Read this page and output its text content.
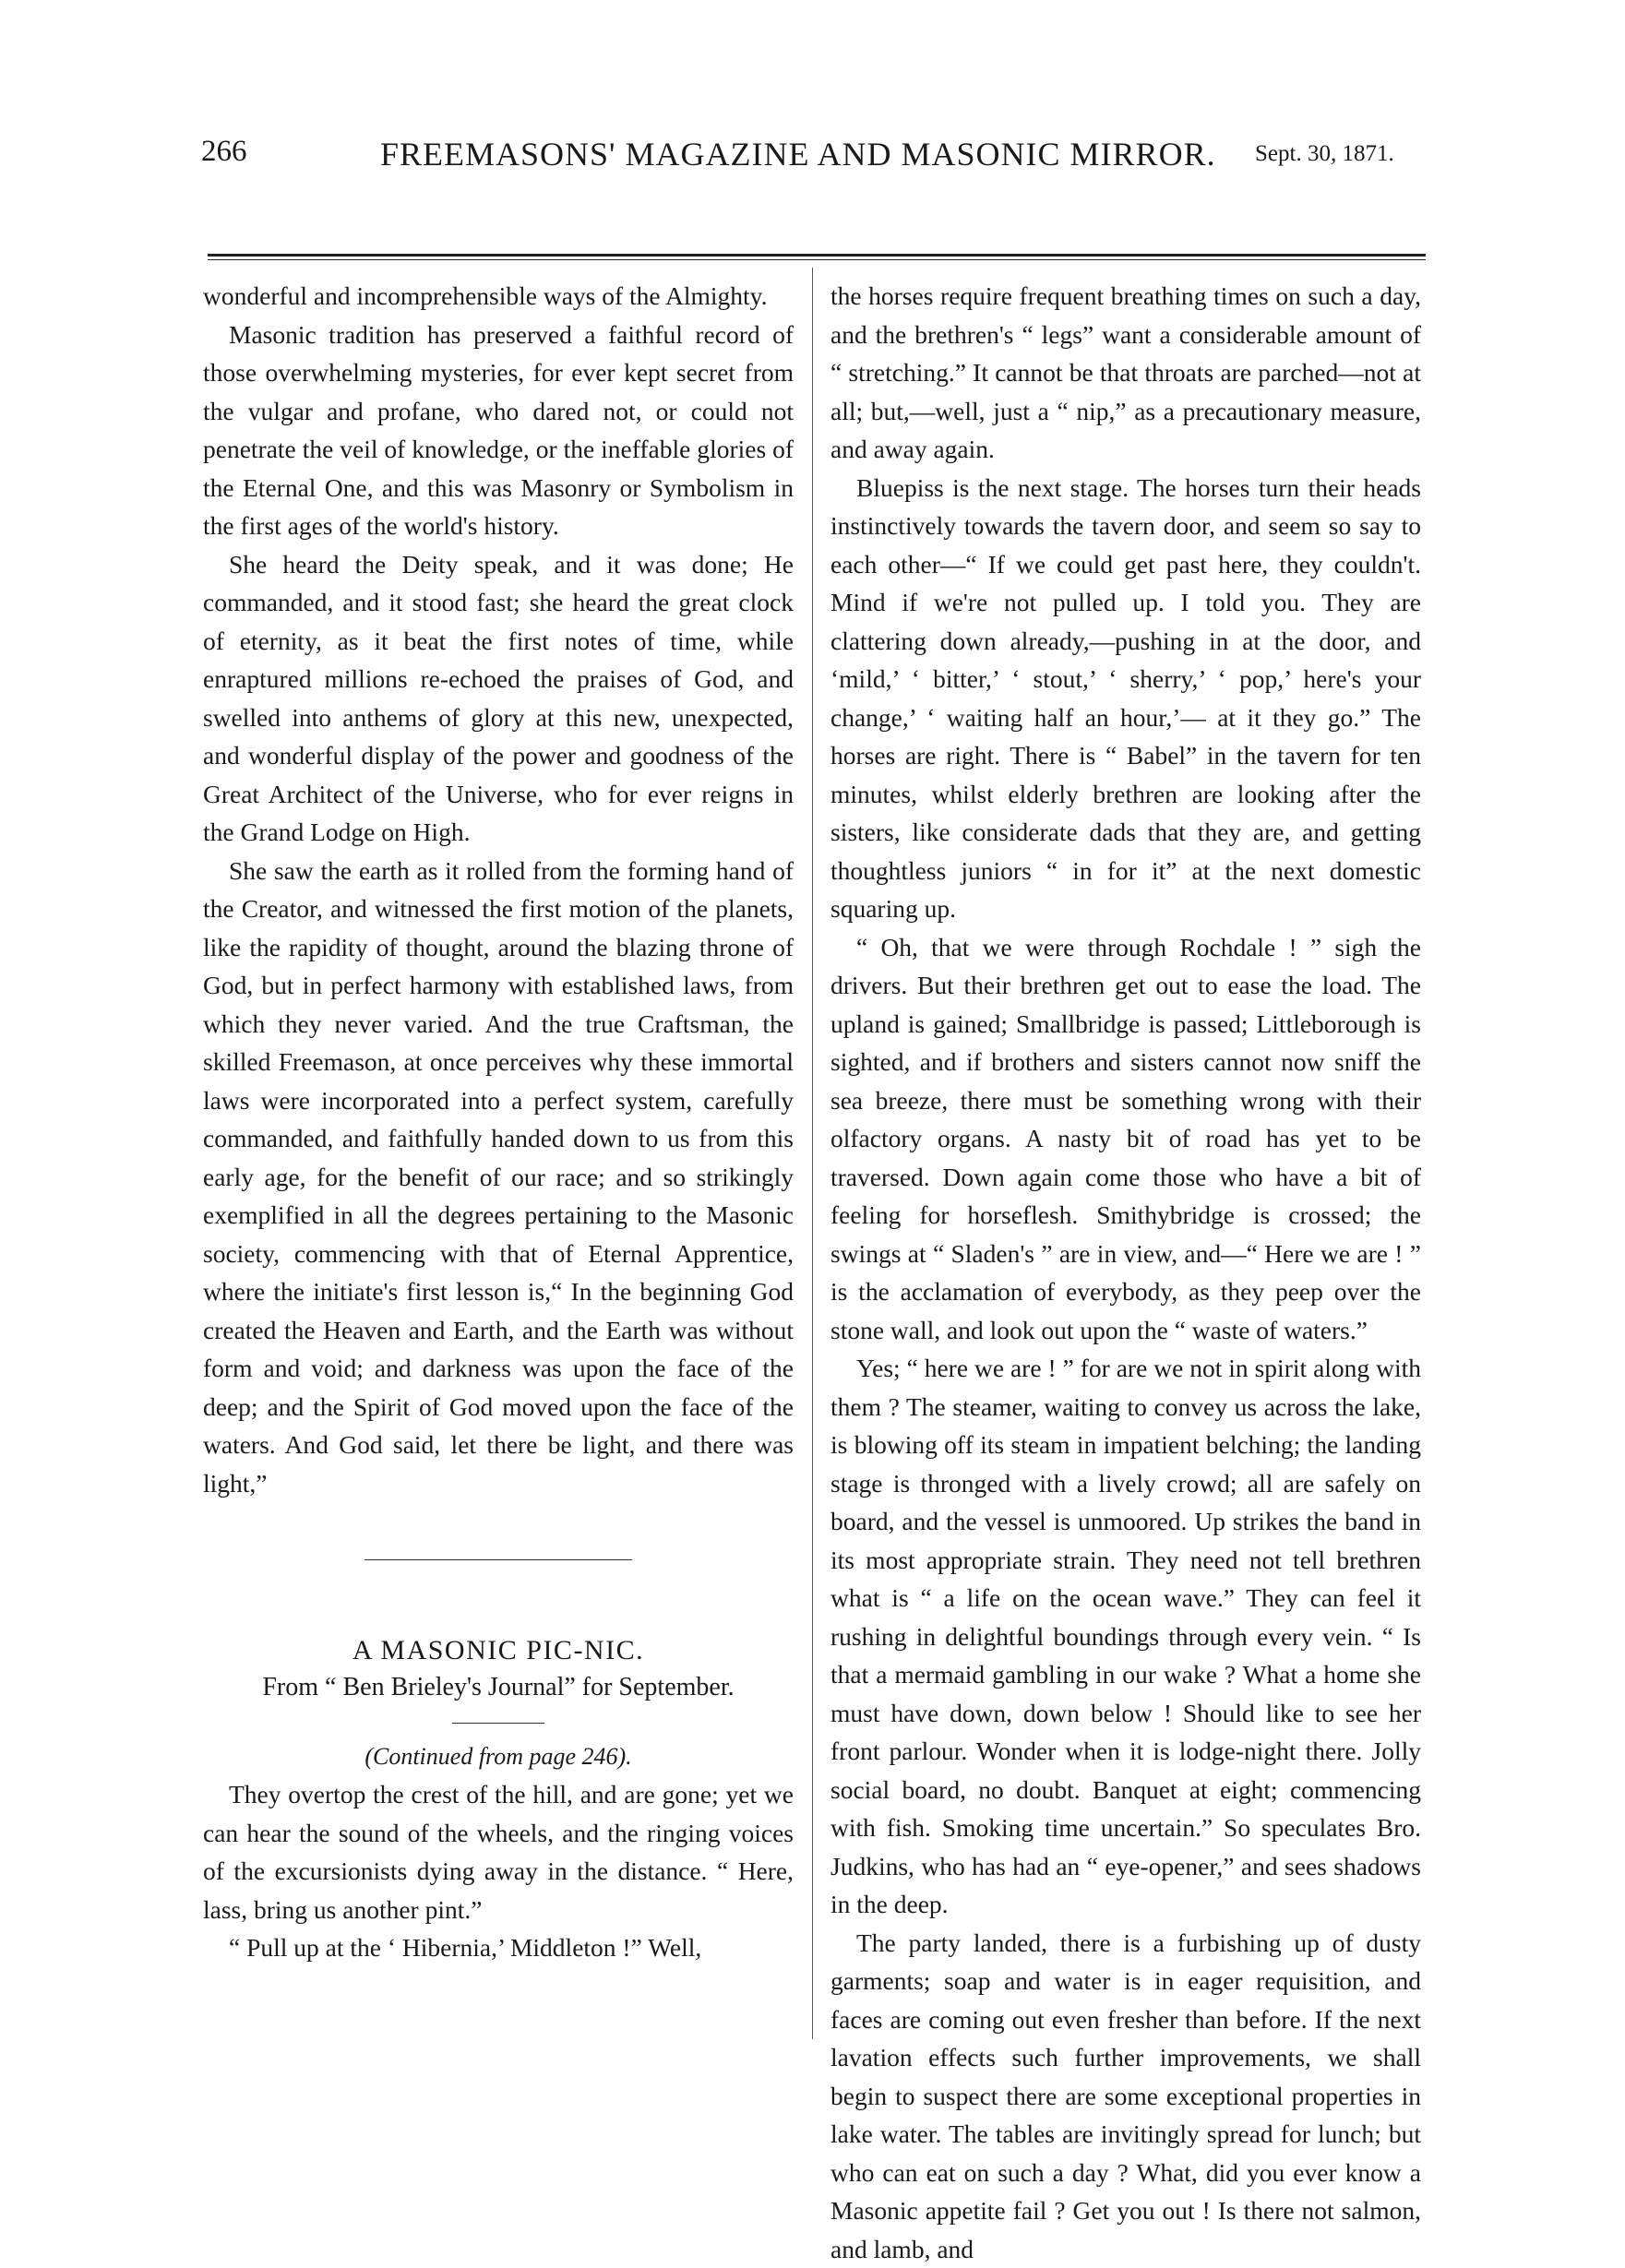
266	FREEMASONS' MAGAZINE AND MASONIC MIRROR. Sept. 30, 1871.

wonderful and incomprehensible ways of the Almighty.

Masonic tradition has preserved a faithful record of those overwhelming mysteries, for ever kept secret from the vulgar and profane, who dared not, or could not penetrate the veil of knowledge, or the ineffable glories of the Eternal One, and this was Masonry or Symbolism in the first ages of the world's history.

She heard the Deity speak, and it was done; He commanded, and it stood fast; she heard the great clock of eternity, as it beat the first notes of time, while enraptured millions re-echoed the praises of God, and swelled into anthems of glory at this new, unexpected, and wonderful display of the power and goodness of the Great Architect of the Universe, who for ever reigns in the Grand Lodge on High.

She saw the earth as it rolled from the forming hand of the Creator, and witnessed the first motion of the planets, like the rapidity of thought, around the blazing throne of God, but in perfect harmony with established laws, from which they never varied. And the true Craftsman, the skilled Freemason, at once perceives why these immortal laws were incorporated into a perfect system, carefully commanded, and faithfully handed down to us from this early age, for the benefit of our race; and so strikingly exemplified in all the degrees pertaining to the Masonic society, commencing with that of Eternal Apprentice, where the initiate's first lesson is,“ In the beginning God created the Heaven and Earth, and the Earth was without form and void; and darkness was upon the face of the deep; and the Spirit of God moved upon the face of the waters. And God said, let there be light, and there was light,”

A MASONIC PIC-NIC.
From “ Ben Brieley's Journal” for September.
(Continued from page 246).

They overtop the crest of the hill, and are gone; yet we can hear the sound of the wheels, and the ringing voices of the excursionists dying away in the distance. “ Here, lass, bring us another pint.”

“ Pull up at the ‘ Hibernia,’ Middleton !” Well,

the horses require frequent breathing times on such a day, and the brethren's “ legs” want a considerable amount of “ stretching.” It cannot be that throats are parched—not at all; but,—well, just a “ nip,” as a precautionary measure, and away again.

Bluepiss is the next stage. The horses turn their heads instinctively towards the tavern door, and seem so say to each other—“ If we could get past here, they couldn't. Mind if we're not pulled up. I told you. They are clattering down already,—pushing in at the door, and ‘mild,’ ‘ bitter,’ ‘ stout,’ ‘ sherry,’ ‘ pop,’ here's your change,’ ‘ waiting half an hour,’— at it they go.” The horses are right. There is “ Babel” in the tavern for ten minutes, whilst elderly brethren are looking after the sisters, like considerate dads that they are, and getting thoughtless juniors “ in for it” at the next domestic squaring up.

“ Oh, that we were through Rochdale ! ” sigh the drivers. But their brethren get out to ease the load. The upland is gained; Smallbridge is passed; Littleborough is sighted, and if brothers and sisters cannot now sniff the sea breeze, there must be something wrong with their olfactory organs. A nasty bit of road has yet to be traversed. Down again come those who have a bit of feeling for horseflesh. Smithybridge is crossed; the swings at “ Sladen's ” are in view, and—“ Here we are ! ” is the acclamation of everybody, as they peep over the stone wall, and look out upon the “ waste of waters.”

Yes; “ here we are ! ” for are we not in spirit along with them ? The steamer, waiting to convey us across the lake, is blowing off its steam in impatient belching; the landing stage is thronged with a lively crowd; all are safely on board, and the vessel is unmoored. Up strikes the band in its most appropriate strain. They need not tell brethren what is “ a life on the ocean wave.” They can feel it rushing in delightful boundings through every vein. “ Is that a mermaid gambling in our wake ? What a home she must have down, down below ! Should like to see her front parlour. Wonder when it is lodge-night there. Jolly social board, no doubt. Banquet at eight; commencing with fish. Smoking time uncertain.” So speculates Bro. Judkins, who has had an “ eye-opener,” and sees shadows in the deep.

The party landed, there is a furbishing up of dusty garments; soap and water is in eager requisition, and faces are coming out even fresher than before. If the next lavation effects such further improvements, we shall begin to suspect there are some exceptional properties in lake water. The tables are invitingly spread for lunch; but who can eat on such a day ? What, did you ever know a Masonic appetite fail ? Get you out ! Is there not salmon, and lamb, and
